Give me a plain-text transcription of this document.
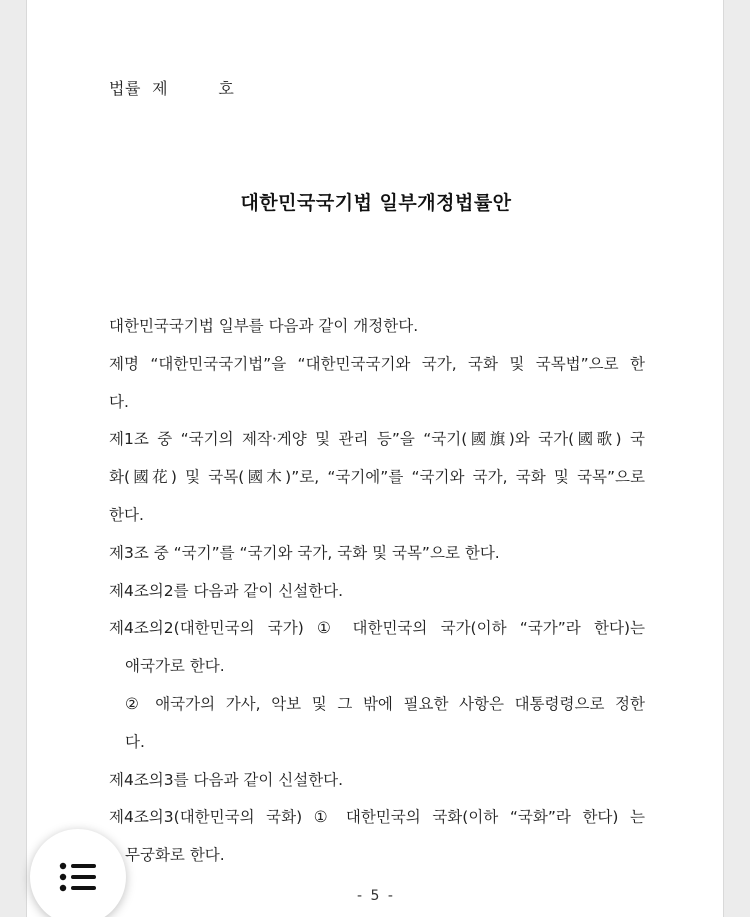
법률  제         호
대한민국국기법 일부개정법률안
대한민국국기법 일부를 다음과 같이 개정한다.
제명 “대한민국국기법”을 “대한민국국기와 국가, 국화 및 국목법”으로 한
다.
제1조 중 “국기의 제작·게양 및 관리 등”을 “국기(國旗)와 국가(國歌) 국
화(國花) 및 국목(國木)”로, “국기에”를 “국기와 국가, 국화 및 국목”으로
한다.
제3조 중 “국기”를 “국기와 국가, 국화 및 국목”으로 한다.
제4조의2를 다음과 같이 신설한다.
제4조의2(대한민국의 국가) ① 대한민국의 국가(이하 “국가”라 한다)는
애국가로 한다.
② 애국가의 가사, 악보 및 그 밖에 필요한 사항은 대통령령으로 정한
다.
제4조의3를 다음과 같이 신설한다.
제4조의3(대한민국의 국화) ① 대한민국의 국화(이하 “국화”라 한다) 는
무궁화로 한다.
- 5 -
